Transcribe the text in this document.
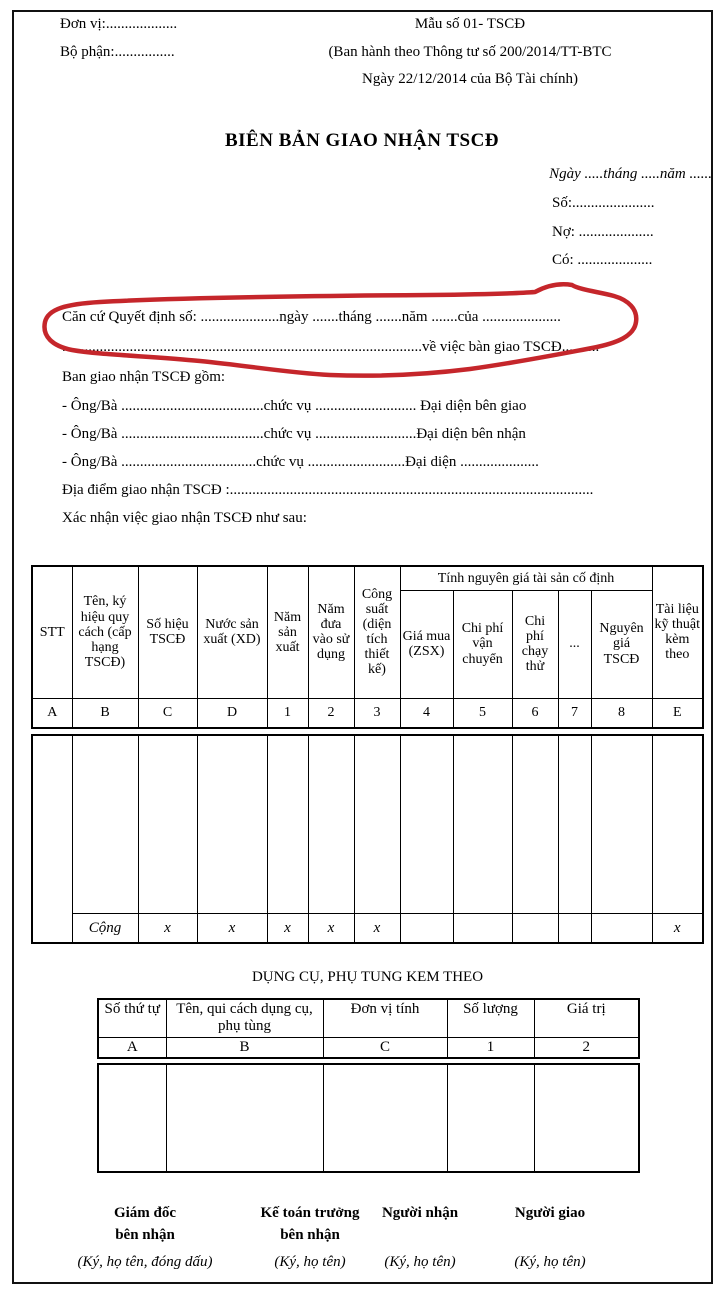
Đơn vị:...................
Bộ phận:................
Mẫu số 01- TSCĐ
(Ban hành theo Thông tư số 200/2014/TT-BTC
Ngày 22/12/2014 của Bộ Tài chính)
BIÊN BẢN GIAO NHẬN TSCĐ
Ngày .....tháng .....năm ......
Số:......................
Nợ: ....................
Có: ....................
Căn cứ Quyết định số: .....................ngày .......tháng .......năm .......của .....................
................................................................................................về việc bàn giao TSCĐ..........
Ban giao nhận TSCĐ gồm:
- Ông/Bà ......................................chức vụ ........................... Đại diện bên giao
- Ông/Bà ......................................chức vụ ...........................Đại diện bên nhận
- Ông/Bà ....................................chức vụ ..........................Đại diện .....................
Địa điểm giao nhận TSCĐ :.................................................................................................
Xác nhận việc giao nhận TSCĐ như sau:
STT	Tên, ký hiệu quy cách (cấp hạng TSCĐ)	Số hiệu TSCĐ	Nước sản xuất (XD)	Năm sản xuất	Năm đưa vào sử dụng	Công suất (diện tích thiết kế)	Tính nguyên giá tài sản cố định					Tài liệu kỹ thuật kèm theo
							Giá mua (ZSX)	Chi phí vận chuyển	Chi phí chạy thử	...	Nguyên giá TSCĐ	
A	B	C	D	1	2	3	4	5	6	7	8	E

	Cộng	x	x	x	x	x						x
DỤNG CỤ, PHỤ TUNG KEM THEO
Số thứ tự	Tên, qui cách dụng cụ, phụ tùng	Đơn vị tính	Số lượng	Giá trị
A	B	C	1	2

Giám đốc
bên nhận
(Ký, họ tên, đóng dấu)
Kế toán trưởng
bên nhận
(Ký, họ tên)
Người nhận
(Ký, họ tên)
Người giao
(Ký, họ tên)
